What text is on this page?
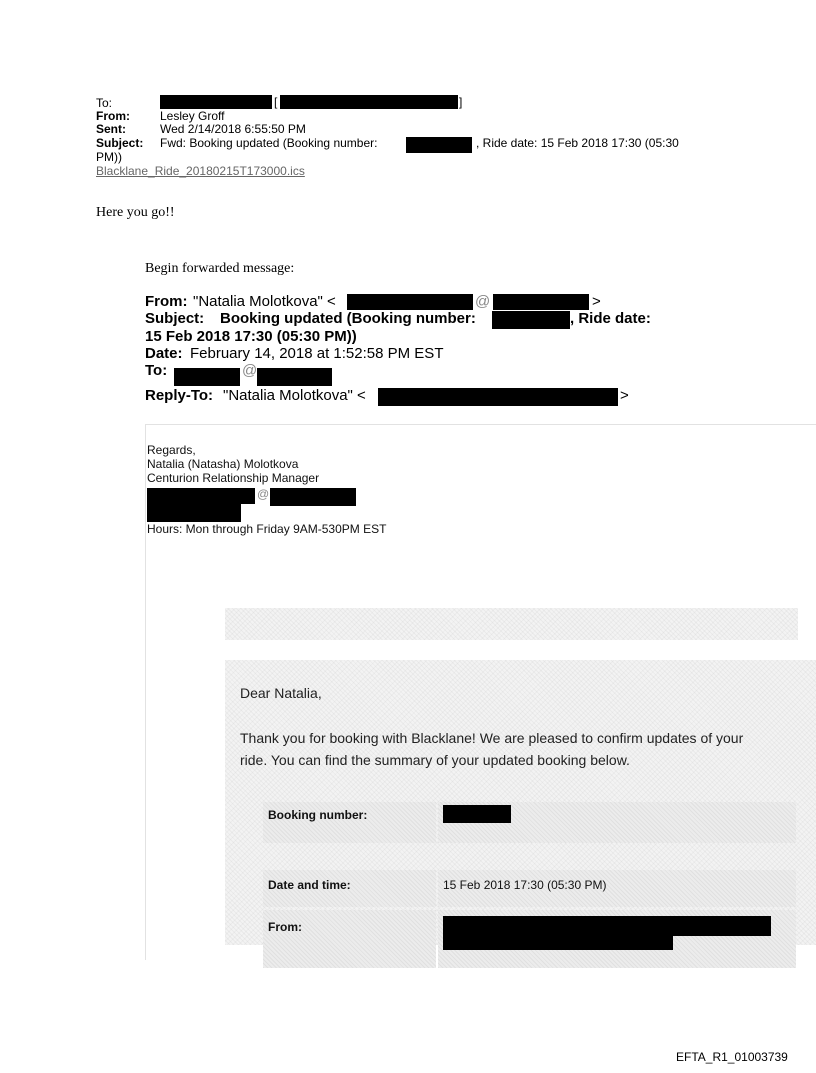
To:	[	]
From:	Lesley Groff
Sent:	Wed 2/14/2018 6:55:50 PM
Subject: Fwd: Booking updated (Booking number:	, Ride date: 15 Feb 2018 17:30 (05:30
PM))
Blacklane_Ride_20180215T173000.ics
Here you go!!
Begin forwarded message:
From: "Natalia Molotkova" <	@	>
Subject: Booking updated (Booking number:	, Ride date:
15 Feb 2018 17:30 (05:30 PM))
Date: February 14, 2018 at 1:52:58 PM EST
To:	@
Reply-To: "Natalia Molotkova" <	>
Regards,
Natalia (Natasha) Molotkova
Centurion Relationship Manager
@
Hours: Mon through Friday 9AM-530PM EST
Dear Natalia,
Thank you for booking with Blacklane! We are pleased to confirm updates of your
ride. You can find the summary of your updated booking below.
Booking number:
Date and time:	15 Feb 2018 17:30 (05:30 PM)
From:
EFTA_R1_01003739
